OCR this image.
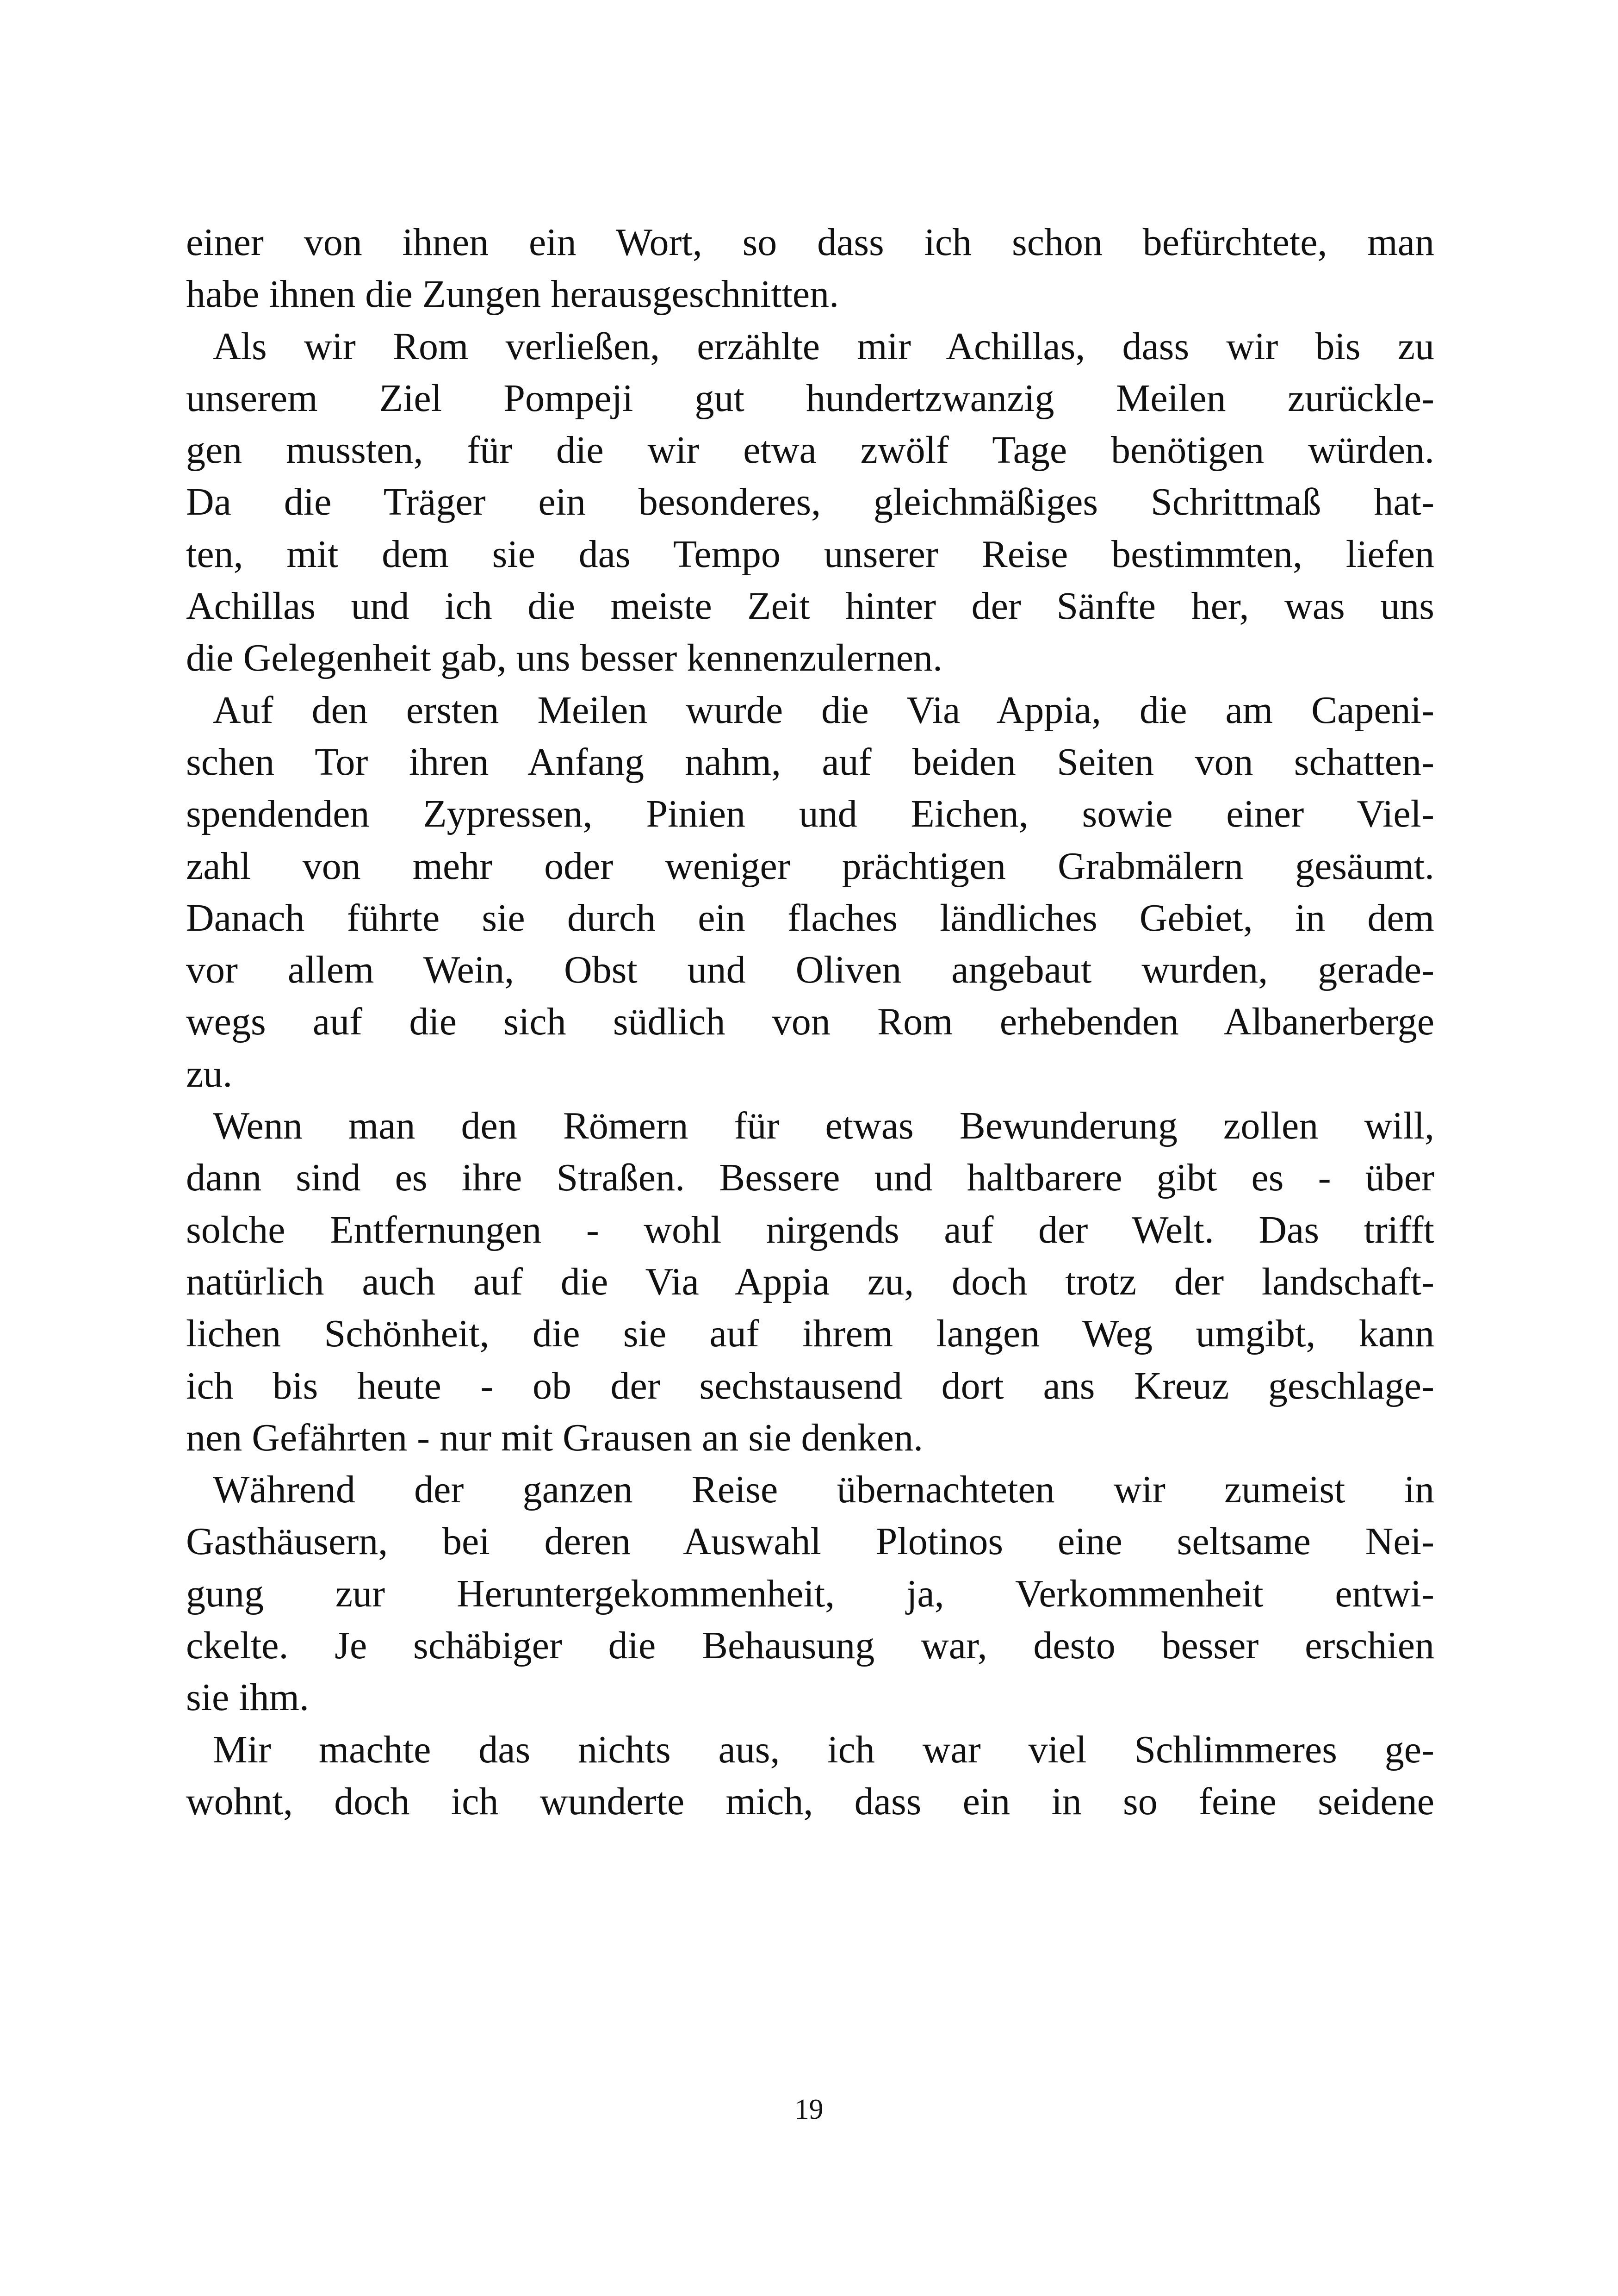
einer von ihnen ein Wort, so dass ich schon befürchtete, man
habe ihnen die Zungen herausgeschnitten.
Als wir Rom verließen, erzählte mir Achillas, dass wir bis zu
unserem Ziel Pompeji gut hundertzwanzig Meilen zurückle-
gen mussten, für die wir etwa zwölf Tage benötigen würden.
Da die Träger ein besonderes, gleichmäßiges Schrittmaß hat-
ten, mit dem sie das Tempo unserer Reise bestimmten, liefen
Achillas und ich die meiste Zeit hinter der Sänfte her, was uns
die Gelegenheit gab, uns besser kennenzulernen.
Auf den ersten Meilen wurde die Via Appia, die am Capeni-
schen Tor ihren Anfang nahm, auf beiden Seiten von schatten-
spendenden Zypressen, Pinien und Eichen, sowie einer Viel-
zahl von mehr oder weniger prächtigen Grabmälern gesäumt.
Danach führte sie durch ein flaches ländliches Gebiet, in dem
vor allem Wein, Obst und Oliven angebaut wurden, gerade-
wegs auf die sich südlich von Rom erhebenden Albanerberge
zu.
Wenn man den Römern für etwas Bewunderung zollen will,
dann sind es ihre Straßen. Bessere und haltbarere gibt es - über
solche Entfernungen - wohl nirgends auf der Welt. Das trifft
natürlich auch auf die Via Appia zu, doch trotz der landschaft-
lichen Schönheit, die sie auf ihrem langen Weg umgibt, kann
ich bis heute - ob der sechstausend dort ans Kreuz geschlage-
nen Gefährten - nur mit Grausen an sie denken.
Während der ganzen Reise übernachteten wir zumeist in
Gasthäusern, bei deren Auswahl Plotinos eine seltsame Nei-
gung zur Heruntergekommenheit, ja, Verkommenheit entwi-
ckelte. Je schäbiger die Behausung war, desto besser erschien
sie ihm.
Mir machte das nichts aus, ich war viel Schlimmeres ge-
wohnt, doch ich wunderte mich, dass ein in so feine seidene
19
